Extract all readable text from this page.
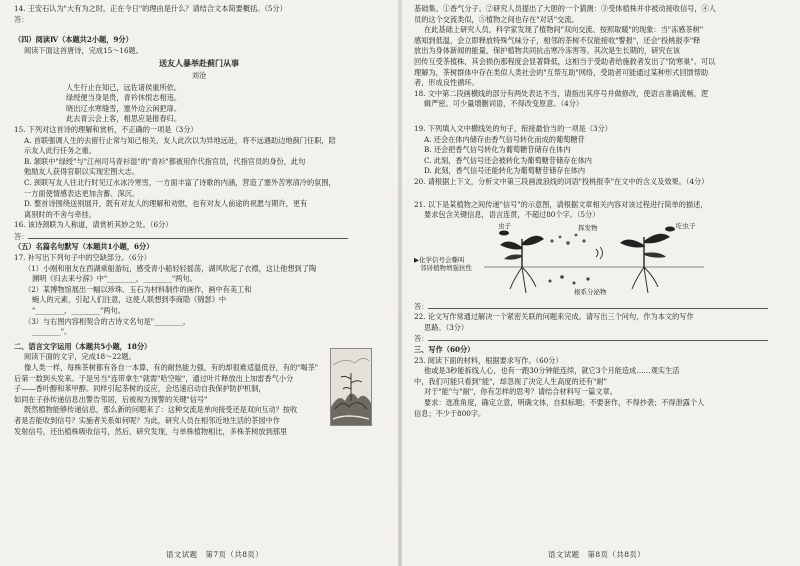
14. 王安石认为"大有为之时，正在今日"的理由是什么？请结合文本简要概括。（5分）

答：

（四）阅读Ⅳ（本题共2小题，9分）

阅读下面这首唐诗，完成15～16题。

送友人暴举赴蓟门从事

刘沧

人生行止在知己，远佐诸侯重所依。

绿绶便当身是贵，青衿休恨志相违。

晓出辽水寒缝雪，塞外边云闲把扉。

此去青云会上客，相思应是报春归。

15. 下列对这首诗的理解和赏析，不正确的一项是（3分）

A. 首联强调人生的去留行止常与知己相关，友人此次以为异地远赴，将不远遇助边地蓟门任职，陪

示友人此行任务之重。

B. 颔联中"绿绶"与"江州司马青衫湿"的"青衫"都被用作代指官员，代指官员的身份，此句

勉励友人获得官职以实现宏图大志。

C. 颈联写友人往北行时见辽水冰冷寒雪，一方面丰富了诗歌的内涵，营造了塞外苦寒清冷的氛围，

一方面使情感表达更加含蓄、深沉。

D. 整首诗围绕送别展开，既有对友人的理解和劝慰，也有对友人前途的祝愿与期许，更有

离别时的不舍与牵挂。

16. 该诗颈联为人称道，请赏析其妙之处。（6分）

答：

（五）名篇名句默写（本题共1小题，6分）

17. 补写出下列句子中的空缺部分。（6分）

（1）小刚和朋友在西湖乘船游玩，感受青小船轻轻摇荡，湖风吹起了衣襟，这让他想到了陶

渊明《归去来兮辞》中"________，________"两句。

（2）某博物馆展出一幅以珍珠、玉石为材料制作的画作，画中有美工和

蜿人的元素，引起人们注意，这使人联想到李商隐《锦瑟》中

"________，________"两句。

（3）与右图内容相契合的古诗文名句是"________，

________"。

二、语言文字运用（本题共5小题，18分）

阅读下面的文字，完成18～22题。

像人类一样，每株茶树都有各自一本算，有的耐热能力强，有的却很难适温低谷，有的"喝茶"

后第一数到头发来。于是另当"连带拿生"就需"哈空啦"，通过叶片释放出上加雷香气小分

子——香叶醇和苯甲醇。同样引起茶树的反应，会迅速启动自我保护防护机制，

如同在子孙传递信息出警告邻居，后被视为预警的关键"信号"

既然植物能够传递信息，那么新的问题来了：这种交流是单向接受还是双向互动？按收

者是否能收到信号？实施者关系如何呢？为此，研究人员在相邻近地生活的茶园中作

发射信号，还出植株吸收信号，然后，研究发现，与单株植物相比，多株茶树放到那里

语文试题　第7页（共8页）

基础集。①香气分子。②研究人员提出了大胆的一个猜测：③受体植株并非被动接收信号，④人

员的这个交流类似，⑤植物之间也存在"对话"交流。

在此基础上研究人员，科学家发现了植物间"双向交流、按照取暖"的现象：当"冻感茶树"

感知到低温，会立即释放特殊气味分子，相邻的茶树不仅能接收"警报"，还会"投桃报李"释

放出为身体新闻的能量，保护植物共同抗击寒冷冻害等。其次是生长期的，研究在该

回传互受茶植株，其会损伤那程度会显著降低，这相当于受助者给施救者发出了"防寒巢"。可以

理解为，茶树群体中存在类似人类社会的"互帮互助"网络，受助者可能通过某种形式回馈帮助

者，形成良性循环。

18. 文中第二段画横线的部分有两处表达不当，请指出其序号并做修改，使语言准确流畅，逻

辑严密。可少量增删词语，不得改变原意。（4分）

19. 下列填入文中横线处的句子，衔接最恰当的一项是（3分）

A. 还会在体内储存由香气信号转化而成的葡萄糖苷

B. 还会把香气信号转化为葡萄糖苷储存在体内

C. 此刻，香气信号还会被转化为葡萄糖苷储存在体内

D. 此刻，香气信号还能转化为葡萄糖苷储存在体内

20. 请根据上下文，分析文中第三段画波浪线的词语"投桃报李"在文中的含义及效果。（4分）

21. 以下是某植物之间传递"信号"的示意图，请根据文章相关内容对该过程进行简单的描述，

要求包含关键信息，语言连贯，不超过80个字。（5分）

虫子	挥发物	吃虫子
▶化学信号会嘶叫
邻居植物增强抗性
根系分泌物

答：

22. 论文写作常通过解决一个紧密关联的问题来完成。请写出三个问句，作为本文的写作

思路。（3分）

答：

三、写作（60分）

23. 阅读下面的材料，根据要求写作。（60分）

他或是3秒能拆线人心，也有一跑30分钟能连续，就它3个月能造成……观实生活

中，我们可能只看到"能"，却忽视了决定人生高度的还有"耐"

对于"能"与"耐"，你有怎样的思考？请结合材料写一篇文章。

要求：选准角度，确定立意，明确文体，自拟标题；不要套作，不得抄袭；不得泄露个人

信息；不少于800字。

语文试题　第8页（共8页）
